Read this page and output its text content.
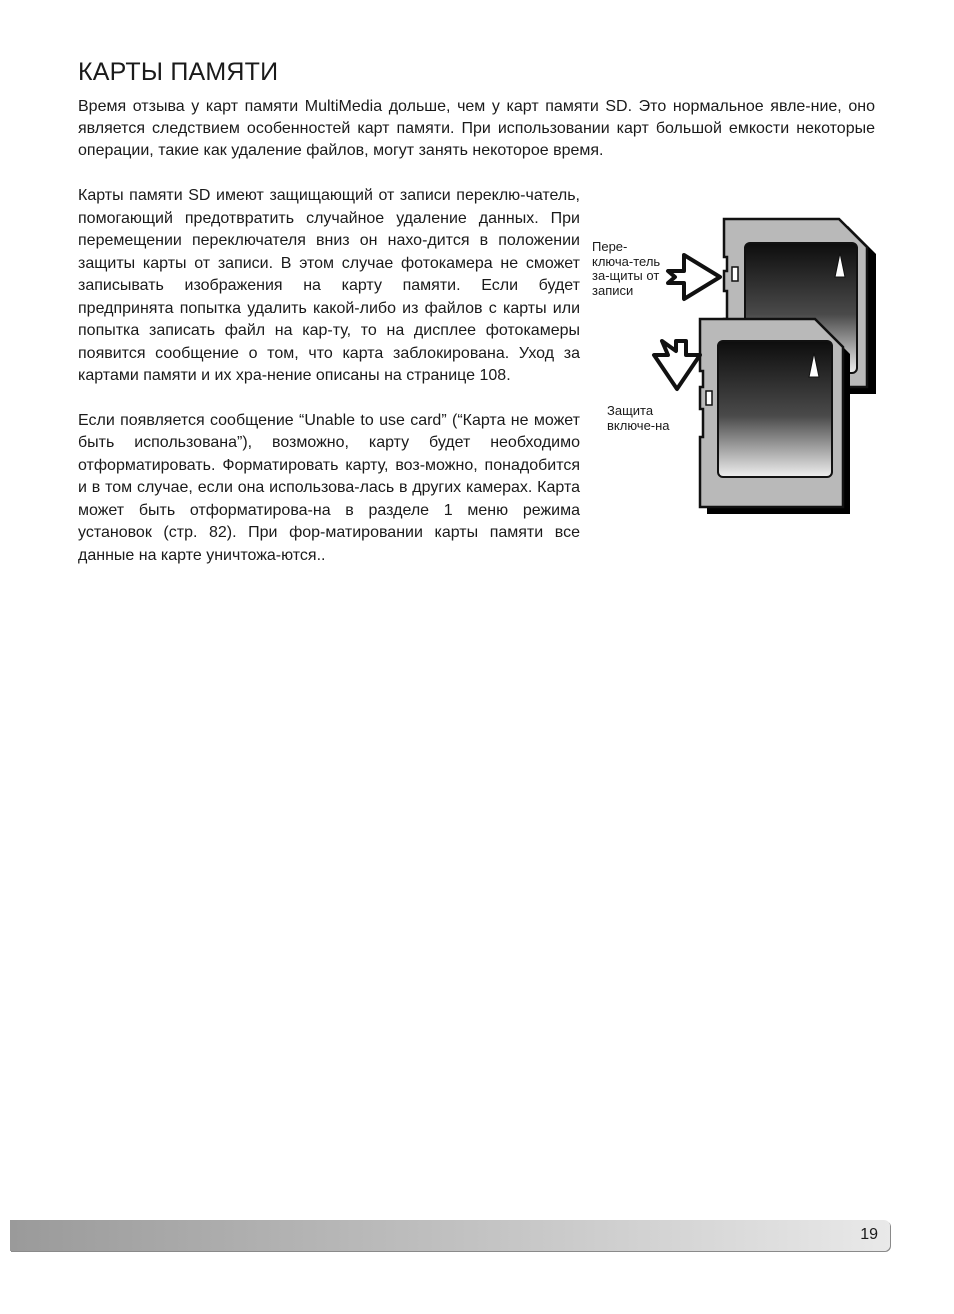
КАРТЫ ПАМЯТИ

Время отзыва у карт памяти MultiMedia дольше, чем у карт памяти SD. Это нормальное явле-ние, оно является следствием особенностей карт памяти. При использовании карт большой емкости некоторые операции, такие как удаление файлов, могут занять некоторое время.

Карты памяти SD имеют защищающий от записи переклю-чатель, помогающий предотвратить случайное удаление данных. При перемещении переключателя вниз он нахо-дится в положении защиты карты от записи. В этом случае фотокамера не сможет записывать изображения на карту памяти. Если будет предпринята попытка удалить какой-либо из файлов с карты или попытка записать файл на кар-ту, то на дисплее фотокамеры появится сообщение о том, что карта заблокирована. Уход за картами памяти и их хра-нение описаны на странице 108.

Если появляется сообщение “Unable to use card” (“Карта не может быть использована”), возможно, карту будет необходимо отформатировать. Форматировать карту, воз-можно, понадобится и в том случае, если она использова-лась в других камерах. Карта может быть отформатирова-на в разделе 1 меню режима установок (стр. 82). При фор-матировании карты памяти все данные на карте уничтожа-ются..

Пере-ключа-тель за-щиты от записи
Защита включе-на
19
